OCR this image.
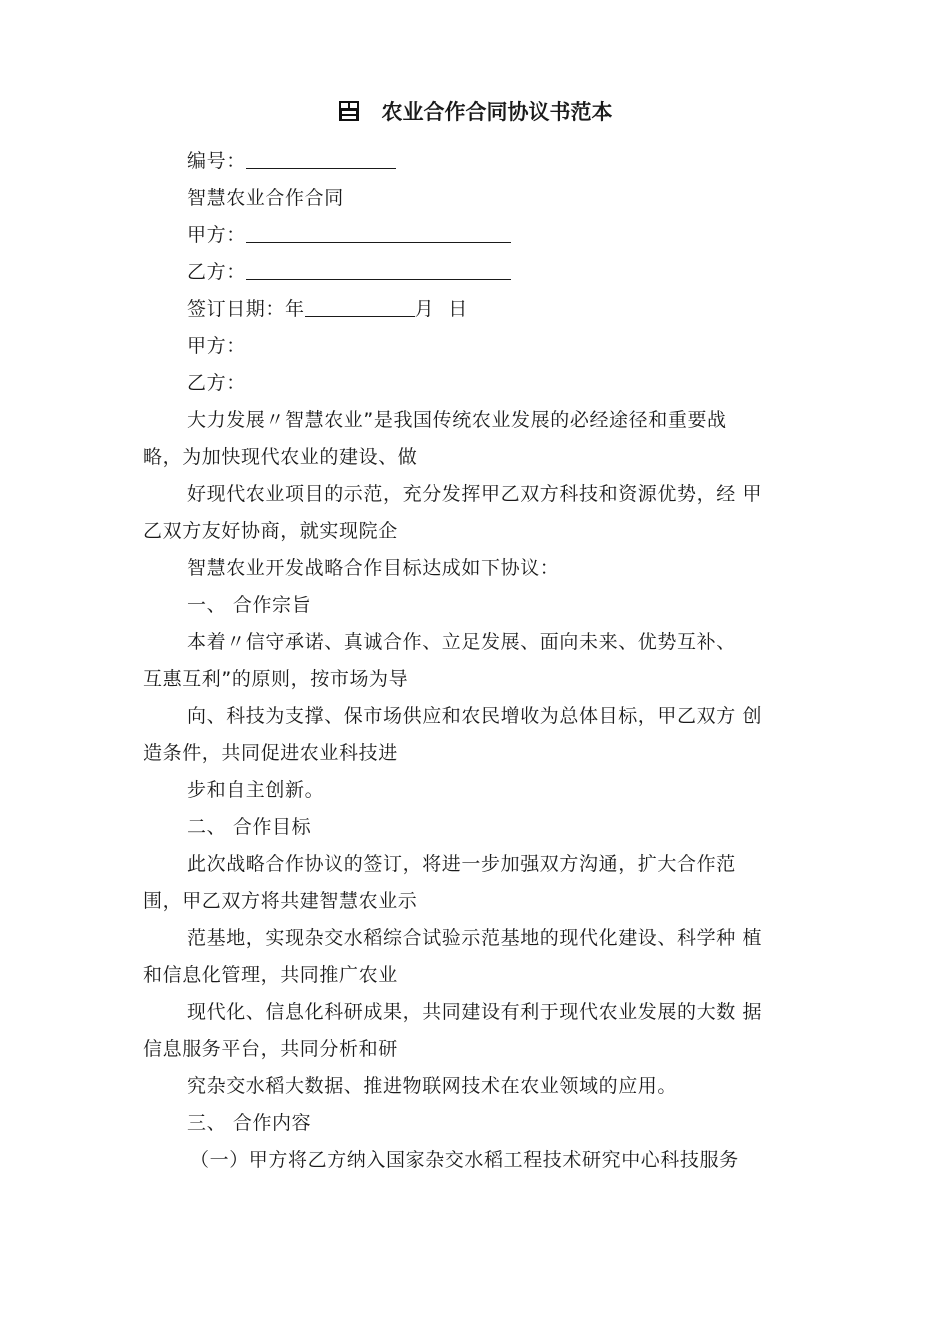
农业合作合同协议书范本
编号：
智慧农业合作合同
甲方：
乙方：
签订日期：年	月 日
甲方：
乙方：
大力发展〃智慧农业”是我国传统农业发展的必经途径和重要战
略，为加快现代农业的建设、做
好现代农业项目的示范，充分发挥甲乙双方科技和资源优势，经 甲
乙双方友好协商，就实现院企
智慧农业开发战略合作目标达成如下协议：
一、 合作宗旨
本着〃信守承诺、真诚合作、立足发展、面向未来、优势互补、
互惠互利”的原则，按市场为导
向、科技为支撑、保市场供应和农民增收为总体目标，甲乙双方 创
造条件，共同促进农业科技进
步和自主创新。
二、 合作目标
此次战略合作协议的签订，将进一步加强双方沟通，扩大合作范
围，甲乙双方将共建智慧农业示
范基地，实现杂交水稻综合试验示范基地的现代化建设、科学种 植
和信息化管理，共同推广农业
现代化、信息化科研成果，共同建设有利于现代农业发展的大数 据
信息服务平台，共同分析和研
究杂交水稻大数据、推进物联网技术在农业领域的应用。
三、 合作内容
（一）甲方将乙方纳入国家杂交水稻工程技术研究中心科技服务
